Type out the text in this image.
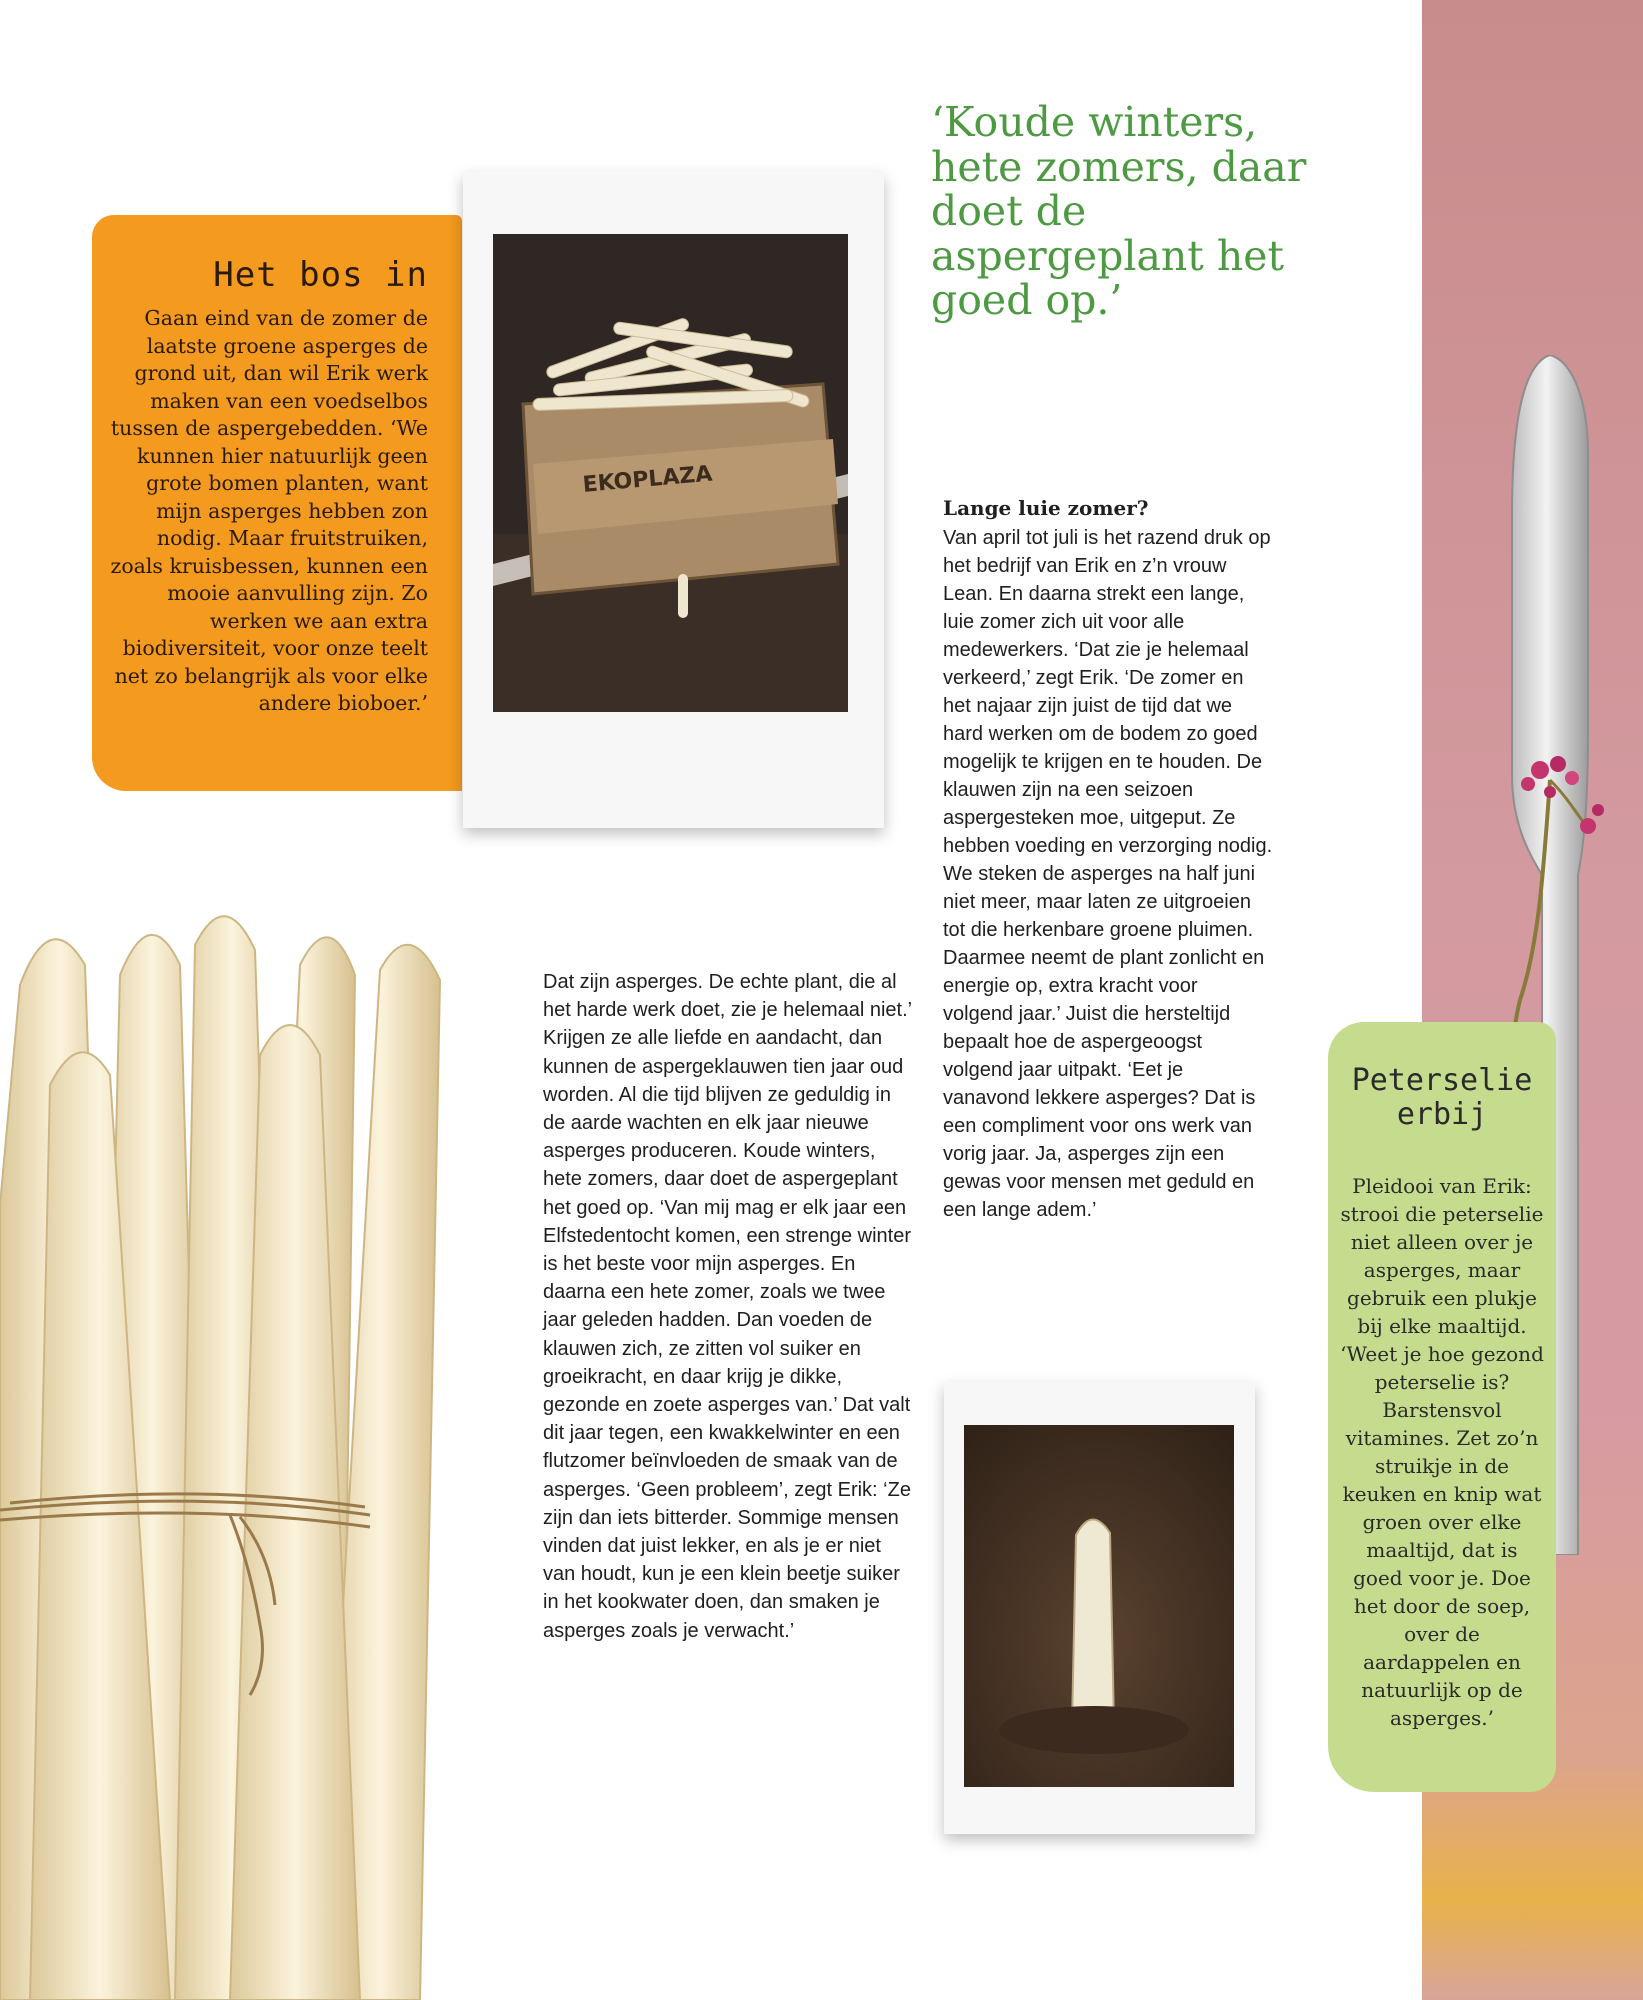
Het bos in

Gaan eind van de zomer de laatste groene asperges de grond uit, dan wil Erik werk maken van een voedselbos tussen de aspergebedden. ‘We kunnen hier natuurlijk geen grote bomen planten, want mijn asperges hebben zon nodig. Maar fruitstruiken, zoals kruisbessen, kunnen een mooie aanvulling zijn. Zo werken we aan extra biodiversiteit, voor onze teelt net zo belangrijk als voor elke andere bioboer.’

EKOPLAZA

‘Koude winters, hete zomers, daar doet de aspergeplant het goed op.’

Lange luie zomer?

Van april tot juli is het razend druk op het bedrijf van Erik en z’n vrouw Lean. En daarna strekt een lange, luie zomer zich uit voor alle medewerkers. ‘Dat zie je helemaal verkeerd,’ zegt Erik. ‘De zomer en het najaar zijn juist de tijd dat we hard werken om de bodem zo goed mogelijk te krijgen en te houden. De klauwen zijn na een seizoen aspergesteken moe, uitgeput. Ze hebben voeding en verzorging nodig. We steken de asperges na half juni niet meer, maar laten ze uitgroeien tot die herkenbare groene pluimen. Daarmee neemt de plant zonlicht en energie op, extra kracht voor volgend jaar.’ Juist die hersteltijd bepaalt hoe de aspergeoogst volgend jaar uitpakt. ‘Eet je vanavond lekkere asperges? Dat is een compliment voor ons werk van vorig jaar. Ja, asperges zijn een gewas voor mensen met geduld en een lange adem.’

Dat zijn asperges. De echte plant, die al het harde werk doet, zie je helemaal niet.’ Krijgen ze alle liefde en aandacht, dan kunnen de aspergeklauwen tien jaar oud worden. Al die tijd blijven ze geduldig in de aarde wachten en elk jaar nieuwe asperges produceren. Koude winters, hete zomers, daar doet de aspergeplant het goed op. ‘Van mij mag er elk jaar een Elfstedentocht komen, een strenge winter is het beste voor mijn asperges. En daarna een hete zomer, zoals we twee jaar geleden hadden. Dan voeden de klauwen zich, ze zitten vol suiker en groeikracht, en daar krijg je dikke, gezonde en zoete asperges van.’ Dat valt dit jaar tegen, een kwakkelwinter en een flutzomer beïnvloeden de smaak van de asperges. ‘Geen probleem’, zegt Erik: ‘Ze zijn dan iets bitterder. Sommige mensen vinden dat juist lekker, en als je er niet van houdt, kun je een klein beetje suiker in het kookwater doen, dan smaken je asperges zoals je verwacht.’

Peterselie erbij

Pleidooi van Erik: strooi die peterselie niet alleen over je asperges, maar gebruik een plukje bij elke maaltijd. ‘Weet je hoe gezond peterselie is? Barstensvol vitamines. Zet zo’n struikje in de keuken en knip wat groen over elke maaltijd, dat is goed voor je. Doe het door de soep, over de aardappelen en natuurlijk op de asperges.’
